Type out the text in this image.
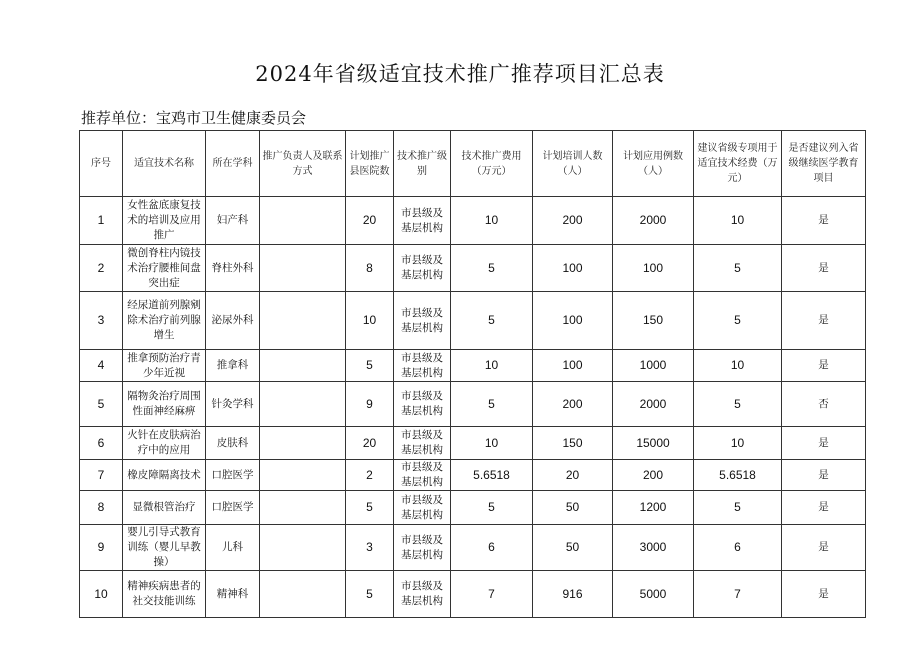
2024年省级适宜技术推广推荐项目汇总表
推荐单位：宝鸡市卫生健康委员会
序号	适宜技术名称	所在学科	推广负责人及联系方式	计划推广县医院数	技术推广级别	技术推广费用（万元）	计划培训人数（人）	计划应用例数（人）	建议省级专项用于适宜技术经费（万元）	是否建议列入省级继续医学教育项目
1	女性盆底康复技术的培训及应用推广	妇产科		20	市县级及基层机构	10	200	2000	10	是
2	微创脊柱内镜技术治疗腰椎间盘突出症	脊柱外科		8	市县级及基层机构	5	100	100	5	是
3	经尿道前列腺剜除术治疗前列腺增生	泌尿外科		10	市县级及基层机构	5	100	150	5	是
4	推拿预防治疗青少年近视	推拿科		5	市县级及基层机构	10	100	1000	10	是
5	隔物灸治疗周围性面神经麻痹	针灸学科		9	市县级及基层机构	5	200	2000	5	否
6	火针在皮肤病治疗中的应用	皮肤科		20	市县级及基层机构	10	150	15000	10	是
7	橡皮障隔离技术	口腔医学		2	市县级及基层机构	5.6518	20	200	5.6518	是
8	显微根管治疗	口腔医学		5	市县级及基层机构	5	50	1200	5	是
9	婴儿引导式教育训练（婴儿早教操）	儿科		3	市县级及基层机构	6	50	3000	6	是
10	精神疾病患者的社交技能训练	精神科		5	市县级及基层机构	7	916	5000	7	是
